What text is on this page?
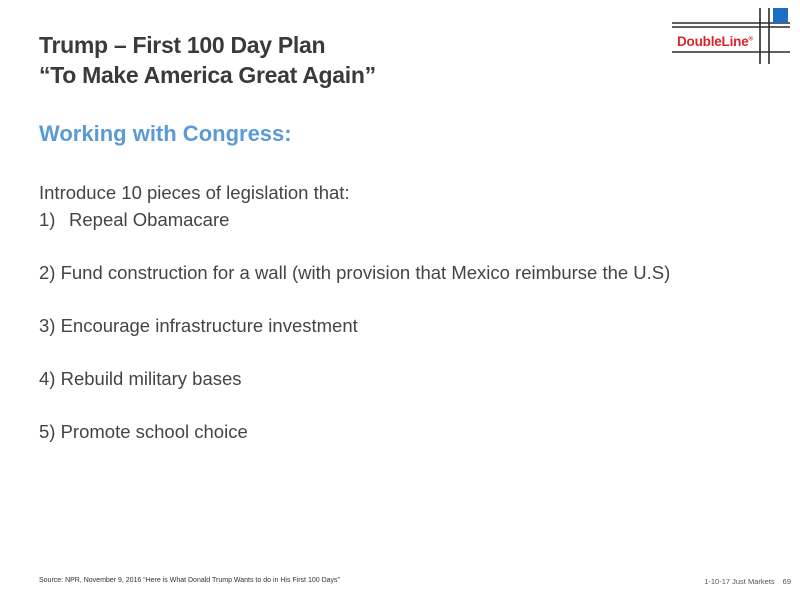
Trump – First 100 Day Plan
“To Make America Great Again”
DoubleLine®
Working with Congress:
Introduce 10 pieces of legislation that:
1) Repeal Obamacare
2) Fund construction for a wall (with provision that Mexico reimburse the U.S)
3) Encourage infrastructure investment
4) Rebuild military bases
5) Promote school choice
Source: NPR, November 9, 2016 “Here is What Donald Trump Wants to do in His First 100 Days”	1-10-17 Just Markets 69
